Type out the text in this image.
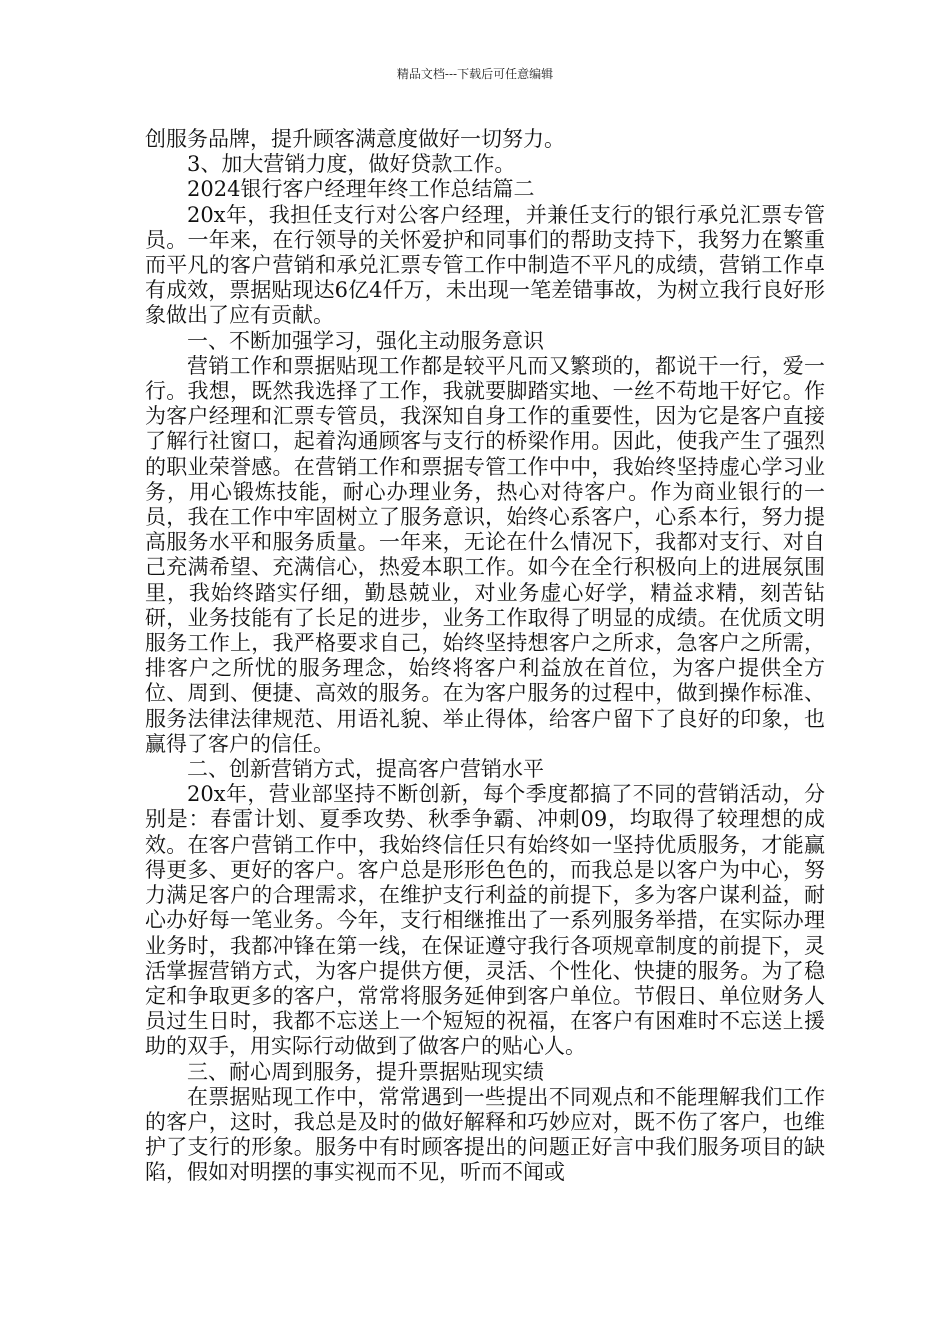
精品文档---下载后可任意编辑

创服务品牌，提升顾客满意度做好一切努力。

3、加大营销力度，做好贷款工作。

2024银行客户经理年终工作总结篇二

20x年，我担任支行对公客户经理，并兼任支行的银行承兑汇票专管员。一年来，在行领导的关怀爱护和同事们的帮助支持下，我努力在繁重而平凡的客户营销和承兑汇票专管工作中制造不平凡的成绩，营销工作卓有成效，票据贴现达6亿4仟万，未出现一笔差错事故，为树立我行良好形象做出了应有贡献。

一、不断加强学习，强化主动服务意识

营销工作和票据贴现工作都是较平凡而又繁琐的，都说干一行，爱一行。我想，既然我选择了工作，我就要脚踏实地、一丝不苟地干好它。作为客户经理和汇票专管员，我深知自身工作的重要性，因为它是客户直接了解行社窗口，起着沟通顾客与支行的桥梁作用。因此，使我产生了强烈的职业荣誉感。在营销工作和票据专管工作中中，我始终坚持虚心学习业务，用心锻炼技能，耐心办理业务，热心对待客户。作为商业银行的一员，我在工作中牢固树立了服务意识，始终心系客户，心系本行，努力提高服务水平和服务质量。一年来，无论在什么情况下，我都对支行、对自己充满希望、充满信心，热爱本职工作。如今在全行积极向上的进展氛围里，我始终踏实仔细，勤恳兢业，对业务虚心好学，精益求精，刻苦钻研，业务技能有了长足的进步，业务工作取得了明显的成绩。在优质文明服务工作上，我严格要求自己，始终坚持想客户之所求，急客户之所需，排客户之所忧的服务理念，始终将客户利益放在首位，为客户提供全方位、周到、便捷、高效的服务。在为客户服务的过程中，做到操作标准、服务法律法律规范、用语礼貌、举止得体，给客户留下了良好的印象，也赢得了客户的信任。

二、创新营销方式，提高客户营销水平

20x年，营业部坚持不断创新，每个季度都搞了不同的营销活动，分别是：春雷计划、夏季攻势、秋季争霸、冲刺09，均取得了较理想的成效。在客户营销工作中，我始终信任只有始终如一坚持优质服务，才能赢得更多、更好的客户。客户总是形形色色的，而我总是以客户为中心，努力满足客户的合理需求，在维护支行利益的前提下，多为客户谋利益，耐心办好每一笔业务。今年，支行相继推出了一系列服务举措，在实际办理业务时，我都冲锋在第一线，在保证遵守我行各项规章制度的前提下，灵活掌握营销方式，为客户提供方便，灵活、个性化、快捷的服务。为了稳定和争取更多的客户，常常将服务延伸到客户单位。节假日、单位财务人员过生日时，我都不忘送上一个短短的祝福，在客户有困难时不忘送上援助的双手，用实际行动做到了做客户的贴心人。

三、耐心周到服务，提升票据贴现实绩

在票据贴现工作中，常常遇到一些提出不同观点和不能理解我们工作的客户，这时，我总是及时的做好解释和巧妙应对，既不伤了客户，也维护了支行的形象。服务中有时顾客提出的问题正好言中我们服务项目的缺陷，假如对明摆的事实视而不见，听而不闻或
